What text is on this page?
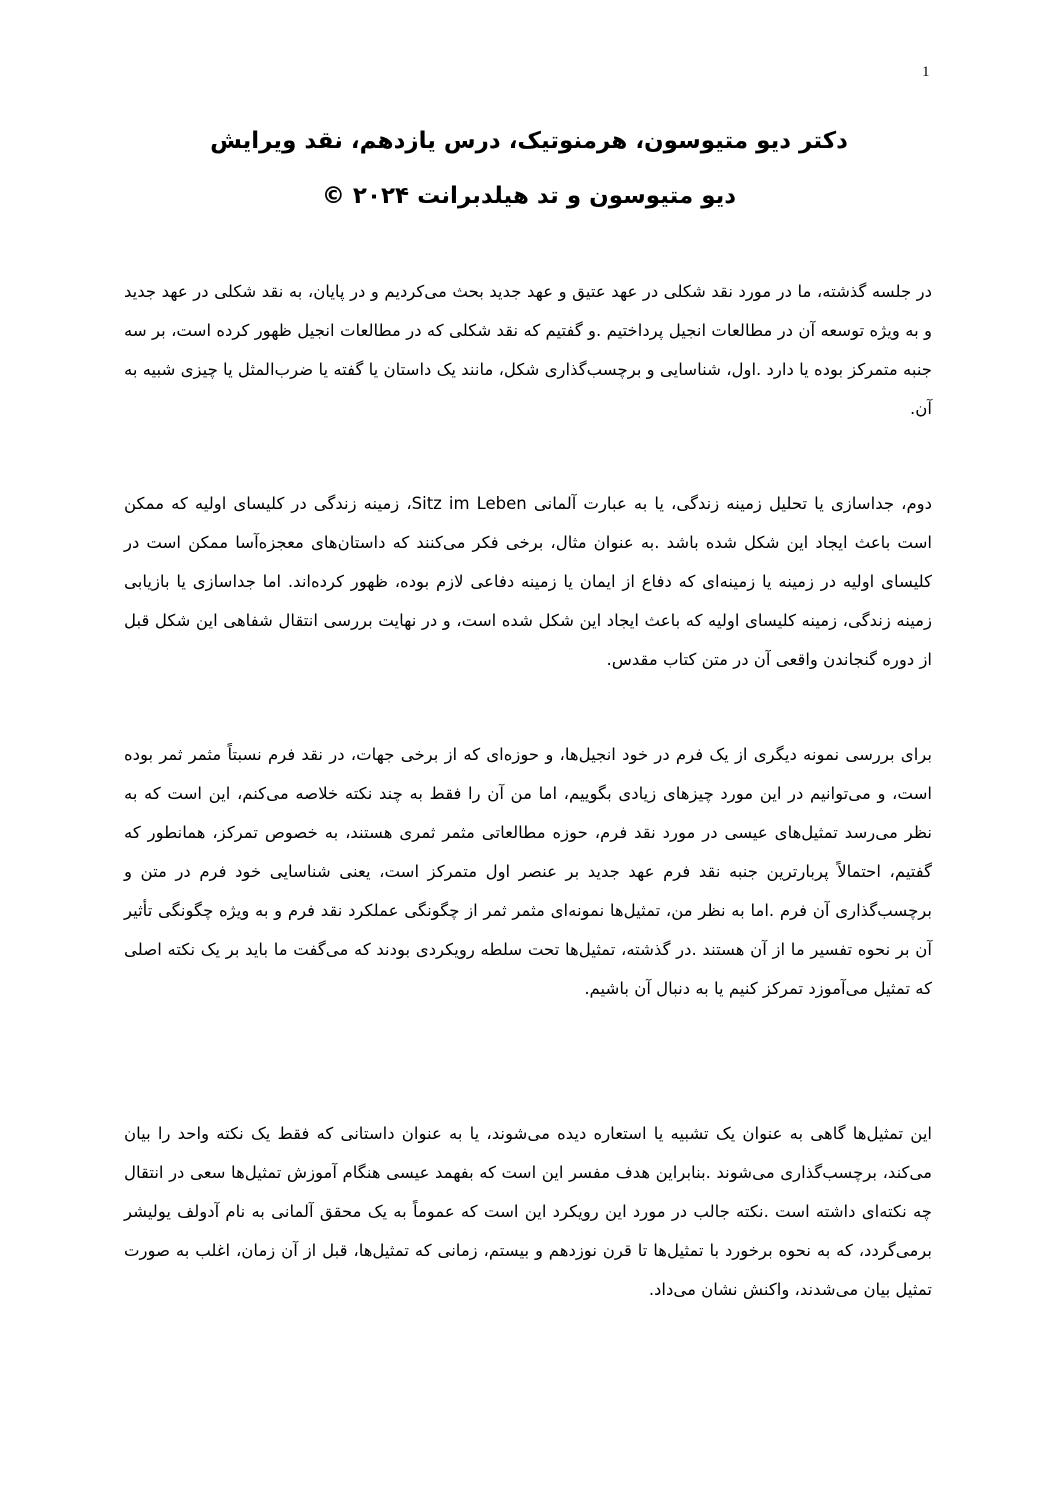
1
دکتر دیو متیوسون، هرمنوتیک، درس یازدهم، نقد ویرایش
دیو متیوسون و تد هیلدبرانت ۲۰۲۴ ©

در جلسه گذشته، ما در مورد نقد شکلی در عهد عتیق و عهد جدید بحث می‌کردیم و در پایان، به نقد شکلی در عهد جدید و به ویژه توسعه آن در مطالعات انجیل پرداختیم .و گفتیم که نقد شکلی که در مطالعات انجیل ظهور کرده است، بر سه جنبه متمرکز بوده یا دارد .اول، شناسایی و برچسب‌گذاری شکل، مانند یک داستان یا گفته یا ضرب‌المثل یا چیزی شبیه به آن.

دوم، جداسازی یا تحلیل زمینه زندگی، یا به عبارت آلمانی Sitz im Leben، زمینه زندگی در کلیسای اولیه که ممکن است باعث ایجاد این شکل شده باشد .به عنوان مثال، برخی فکر می‌کنند که داستان‌های معجزه‌آسا ممکن است در کلیسای اولیه در زمینه یا زمینه‌ای که دفاع از ایمان یا زمینه دفاعی لازم بوده، ظهور کرده‌اند. اما جداسازی یا بازیابی زمینه زندگی، زمینه کلیسای اولیه که باعث ایجاد این شکل شده است، و در نهایت بررسی انتقال شفاهی این شکل قبل از دوره گنجاندن واقعی آن در متن کتاب مقدس.

برای بررسی نمونه دیگری از یک فرم در خود انجیل‌ها، و حوزه‌ای که از برخی جهات، در نقد فرم نسبتاً مثمر ثمر بوده است، و می‌توانیم در این مورد چیزهای زیادی بگوییم، اما من آن را فقط به چند نکته خلاصه می‌کنم، این است که به نظر می‌رسد تمثیل‌های عیسی در مورد نقد فرم، حوزه مطالعاتی مثمر ثمری هستند، به خصوص تمرکز، همانطور که گفتیم، احتمالاً پربارترین جنبه نقد فرم عهد جدید بر عنصر اول متمرکز است، یعنی شناسایی خود فرم در متن و برچسب‌گذاری آن فرم .اما به نظر من، تمثیل‌ها نمونه‌ای مثمر ثمر از چگونگی عملکرد نقد فرم و به ویژه چگونگی تأثیر آن بر نحوه تفسیر ما از آن هستند .در گذشته، تمثیل‌ها تحت سلطه رویکردی بودند که می‌گفت ما باید بر یک نکته اصلی که تمثیل می‌آموزد تمرکز کنیم یا به دنبال آن باشیم.

این تمثیل‌ها گاهی به عنوان یک تشبیه یا استعاره دیده می‌شوند، یا به عنوان داستانی که فقط یک نکته واحد را بیان می‌کند، برچسب‌گذاری می‌شوند .بنابراین هدف مفسر این است که بفهمد عیسی هنگام آموزش تمثیل‌ها سعی در انتقال چه نکته‌ای داشته است .نکته جالب در مورد این رویکرد این است که عموماً به یک محقق آلمانی به نام آدولف یولیشر برمی‌گردد، که به نحوه برخورد با تمثیل‌ها تا قرن نوزدهم و بیستم، زمانی که تمثیل‌ها، قبل از آن زمان، اغلب به صورت تمثیل بیان می‌شدند، واکنش نشان می‌داد.
